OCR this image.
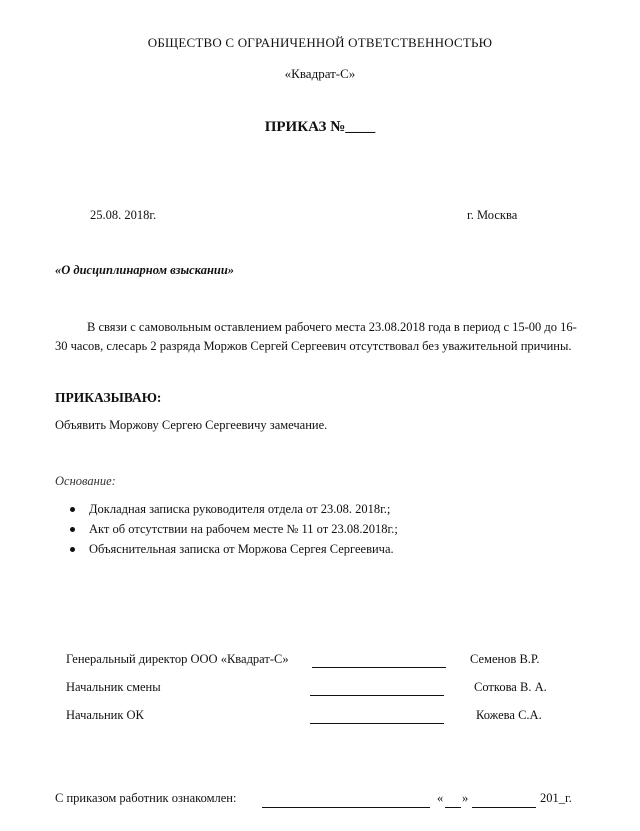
ОБЩЕСТВО С ОГРАНИЧЕННОЙ ОТВЕТСТВЕННОСТЬЮ
«Квадрат-С»
ПРИКАЗ №____
25.08. 2018г.	г. Москва
«О дисциплинарном взыскании»
В связи с самовольным оставлением рабочего места 23.08.2018 года в период с 15-00 до 16-30 часов, слесарь 2 разряда Моржов Сергей Сергеевич отсутствовал без уважительной причины.
ПРИКАЗЫВАЮ:
Объявить Моржову Сергею Сергеевичу замечание.
Основание:
Докладная записка руководителя отдела от 23.08. 2018г.;
Акт об отсутствии на рабочем месте № 11 от 23.08.2018г.;
Объяснительная записка от Моржова Сергея Сергеевича.
Генеральный директор ООО «Квадрат-С»	Семенов В.Р.
Начальник смены	Соткова В. А.
Начальник ОК	Кожева С.А.
С приказом работник ознакомлен:	« »	201_г.
